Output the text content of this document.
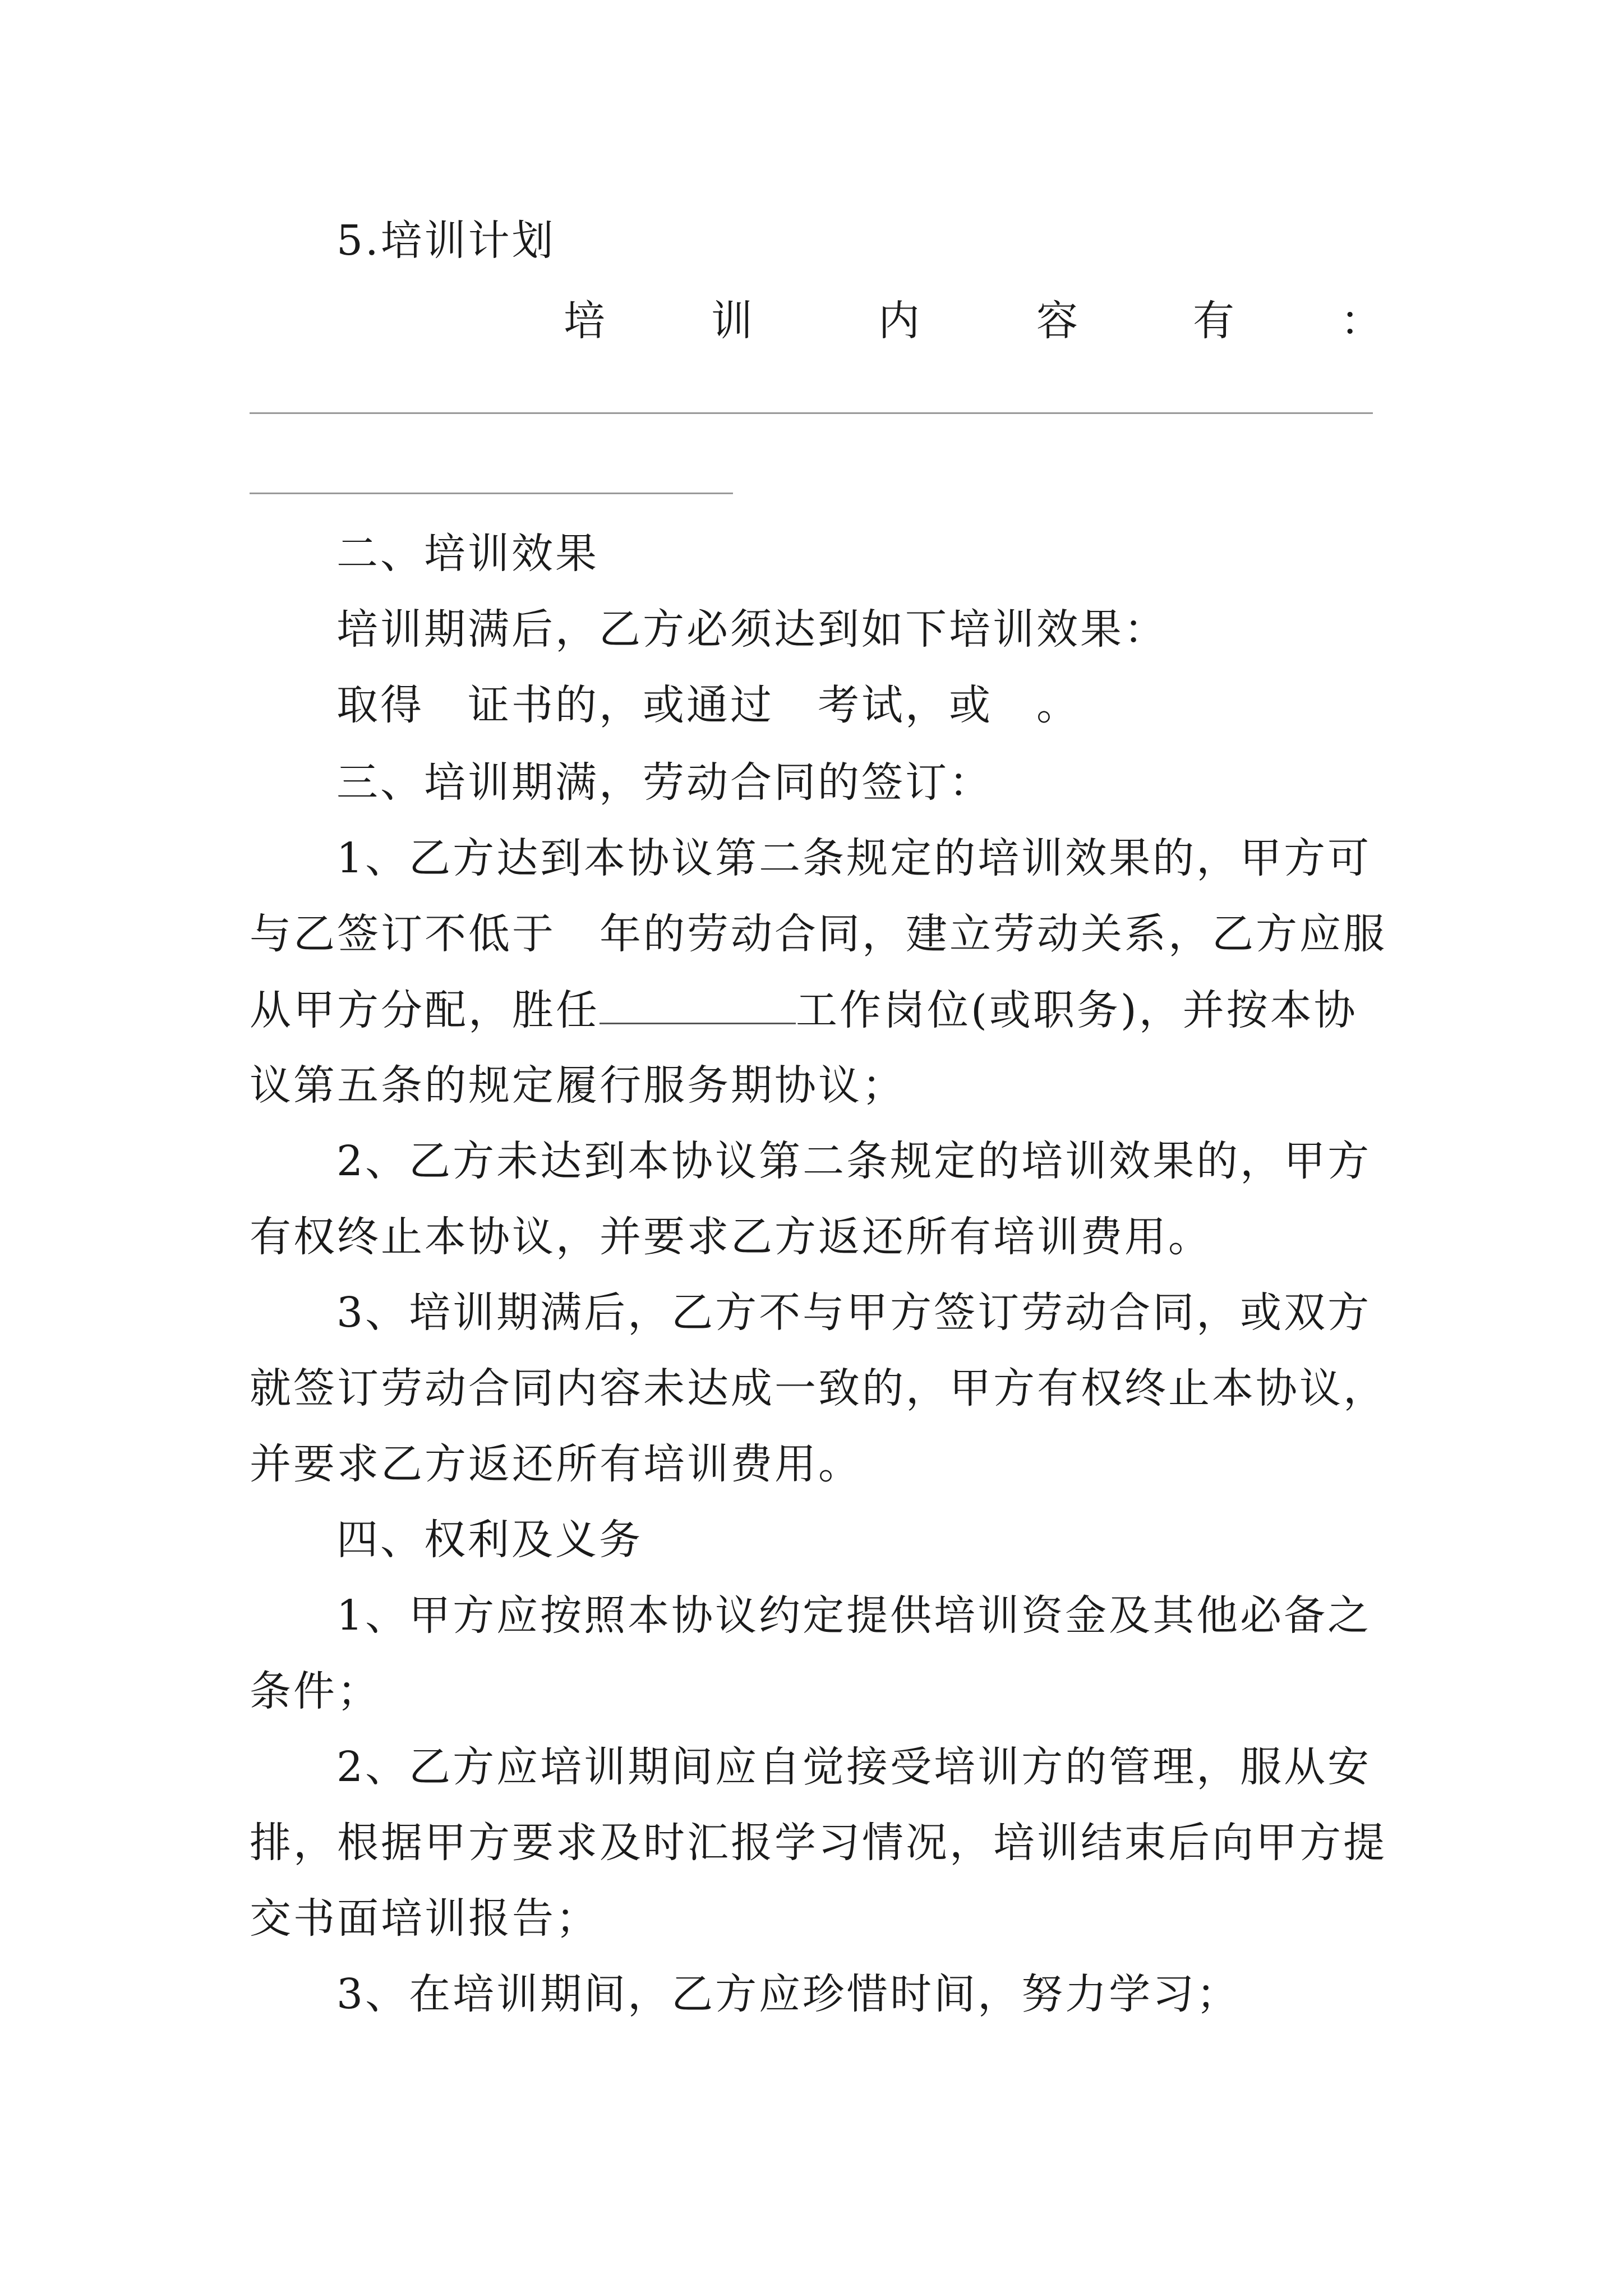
5.培训计划
培	训	内	容	有	：
二、培训效果
培训期满后，乙方必须达到如下培训效果：
取得　证书的，或通过　考试，或　。
三、培训期满，劳动合同的签订：
1、乙方达到本协议第二条规定的培训效果的，甲方可
与乙签订不低于　年的劳动合同，建立劳动关系，乙方应服
从甲方分配，胜任	工作岗位(或职务)，并按本协
议第五条的规定履行服务期协议；
2、乙方未达到本协议第二条规定的培训效果的，甲方
有权终止本协议，并要求乙方返还所有培训费用。
3、培训期满后，乙方不与甲方签订劳动合同，或双方
就签订劳动合同内容未达成一致的，甲方有权终止本协议，
并要求乙方返还所有培训费用。
四、权利及义务
1、甲方应按照本协议约定提供培训资金及其他必备之
条件；
2、乙方应培训期间应自觉接受培训方的管理，服从安
排，根据甲方要求及时汇报学习情况，培训结束后向甲方提
交书面培训报告；
3、在培训期间，乙方应珍惜时间，努力学习；
